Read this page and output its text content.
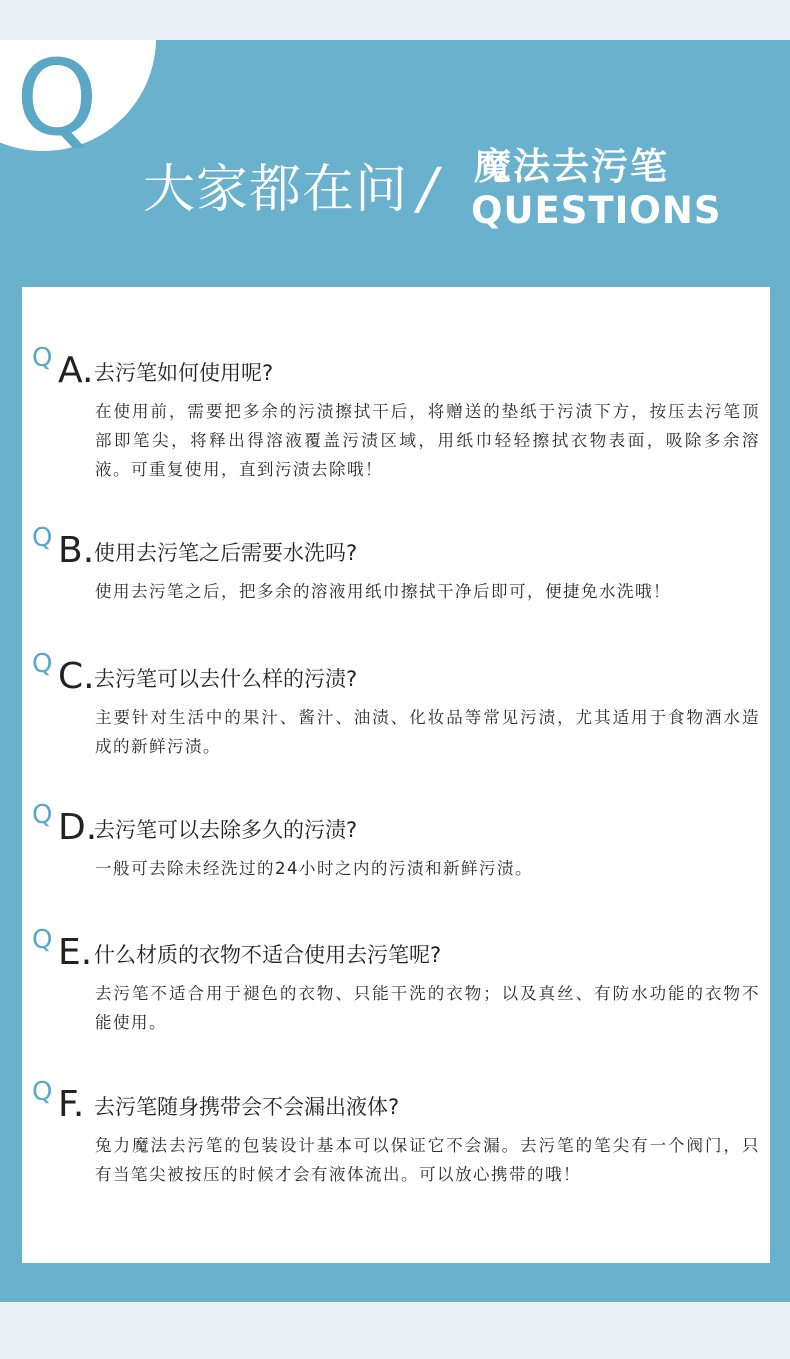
Q
大家都在问 / 魔法去污笔
QUESTIONS
Q A. 去污笔如何使用呢?
在使用前，需要把多余的污渍擦拭干后，将赠送的垫纸于污渍下方，按压去污笔顶部即笔尖，将释出得溶液覆盖污渍区域，用纸巾轻轻擦拭衣物表面，吸除多余溶液。可重复使用，直到污渍去除哦！
Q B. 使用去污笔之后需要水洗吗?
使用去污笔之后，把多余的溶液用纸巾擦拭干净后即可，便捷免水洗哦！
Q C. 去污笔可以去什么样的污渍?
主要针对生活中的果汁、酱汁、油渍、化妆品等常见污渍，尤其适用于食物酒水造成的新鲜污渍。
Q D.
去污笔可以去除多久的污渍?
一般可去除未经洗过的24小时之内的污渍和新鲜污渍。
Q E. 什么材质的衣物不适合使用去污笔呢?
去污笔不适合用于褪色的衣物、只能干洗的衣物；以及真丝、有防水功能的衣物不能使用。
Q F. 去污笔随身携带会不会漏出液体?
兔力魔法去污笔的包装设计基本可以保证它不会漏。去污笔的笔尖有一个阀门，只有当笔尖被按压的时候才会有液体流出。可以放心携带的哦！
